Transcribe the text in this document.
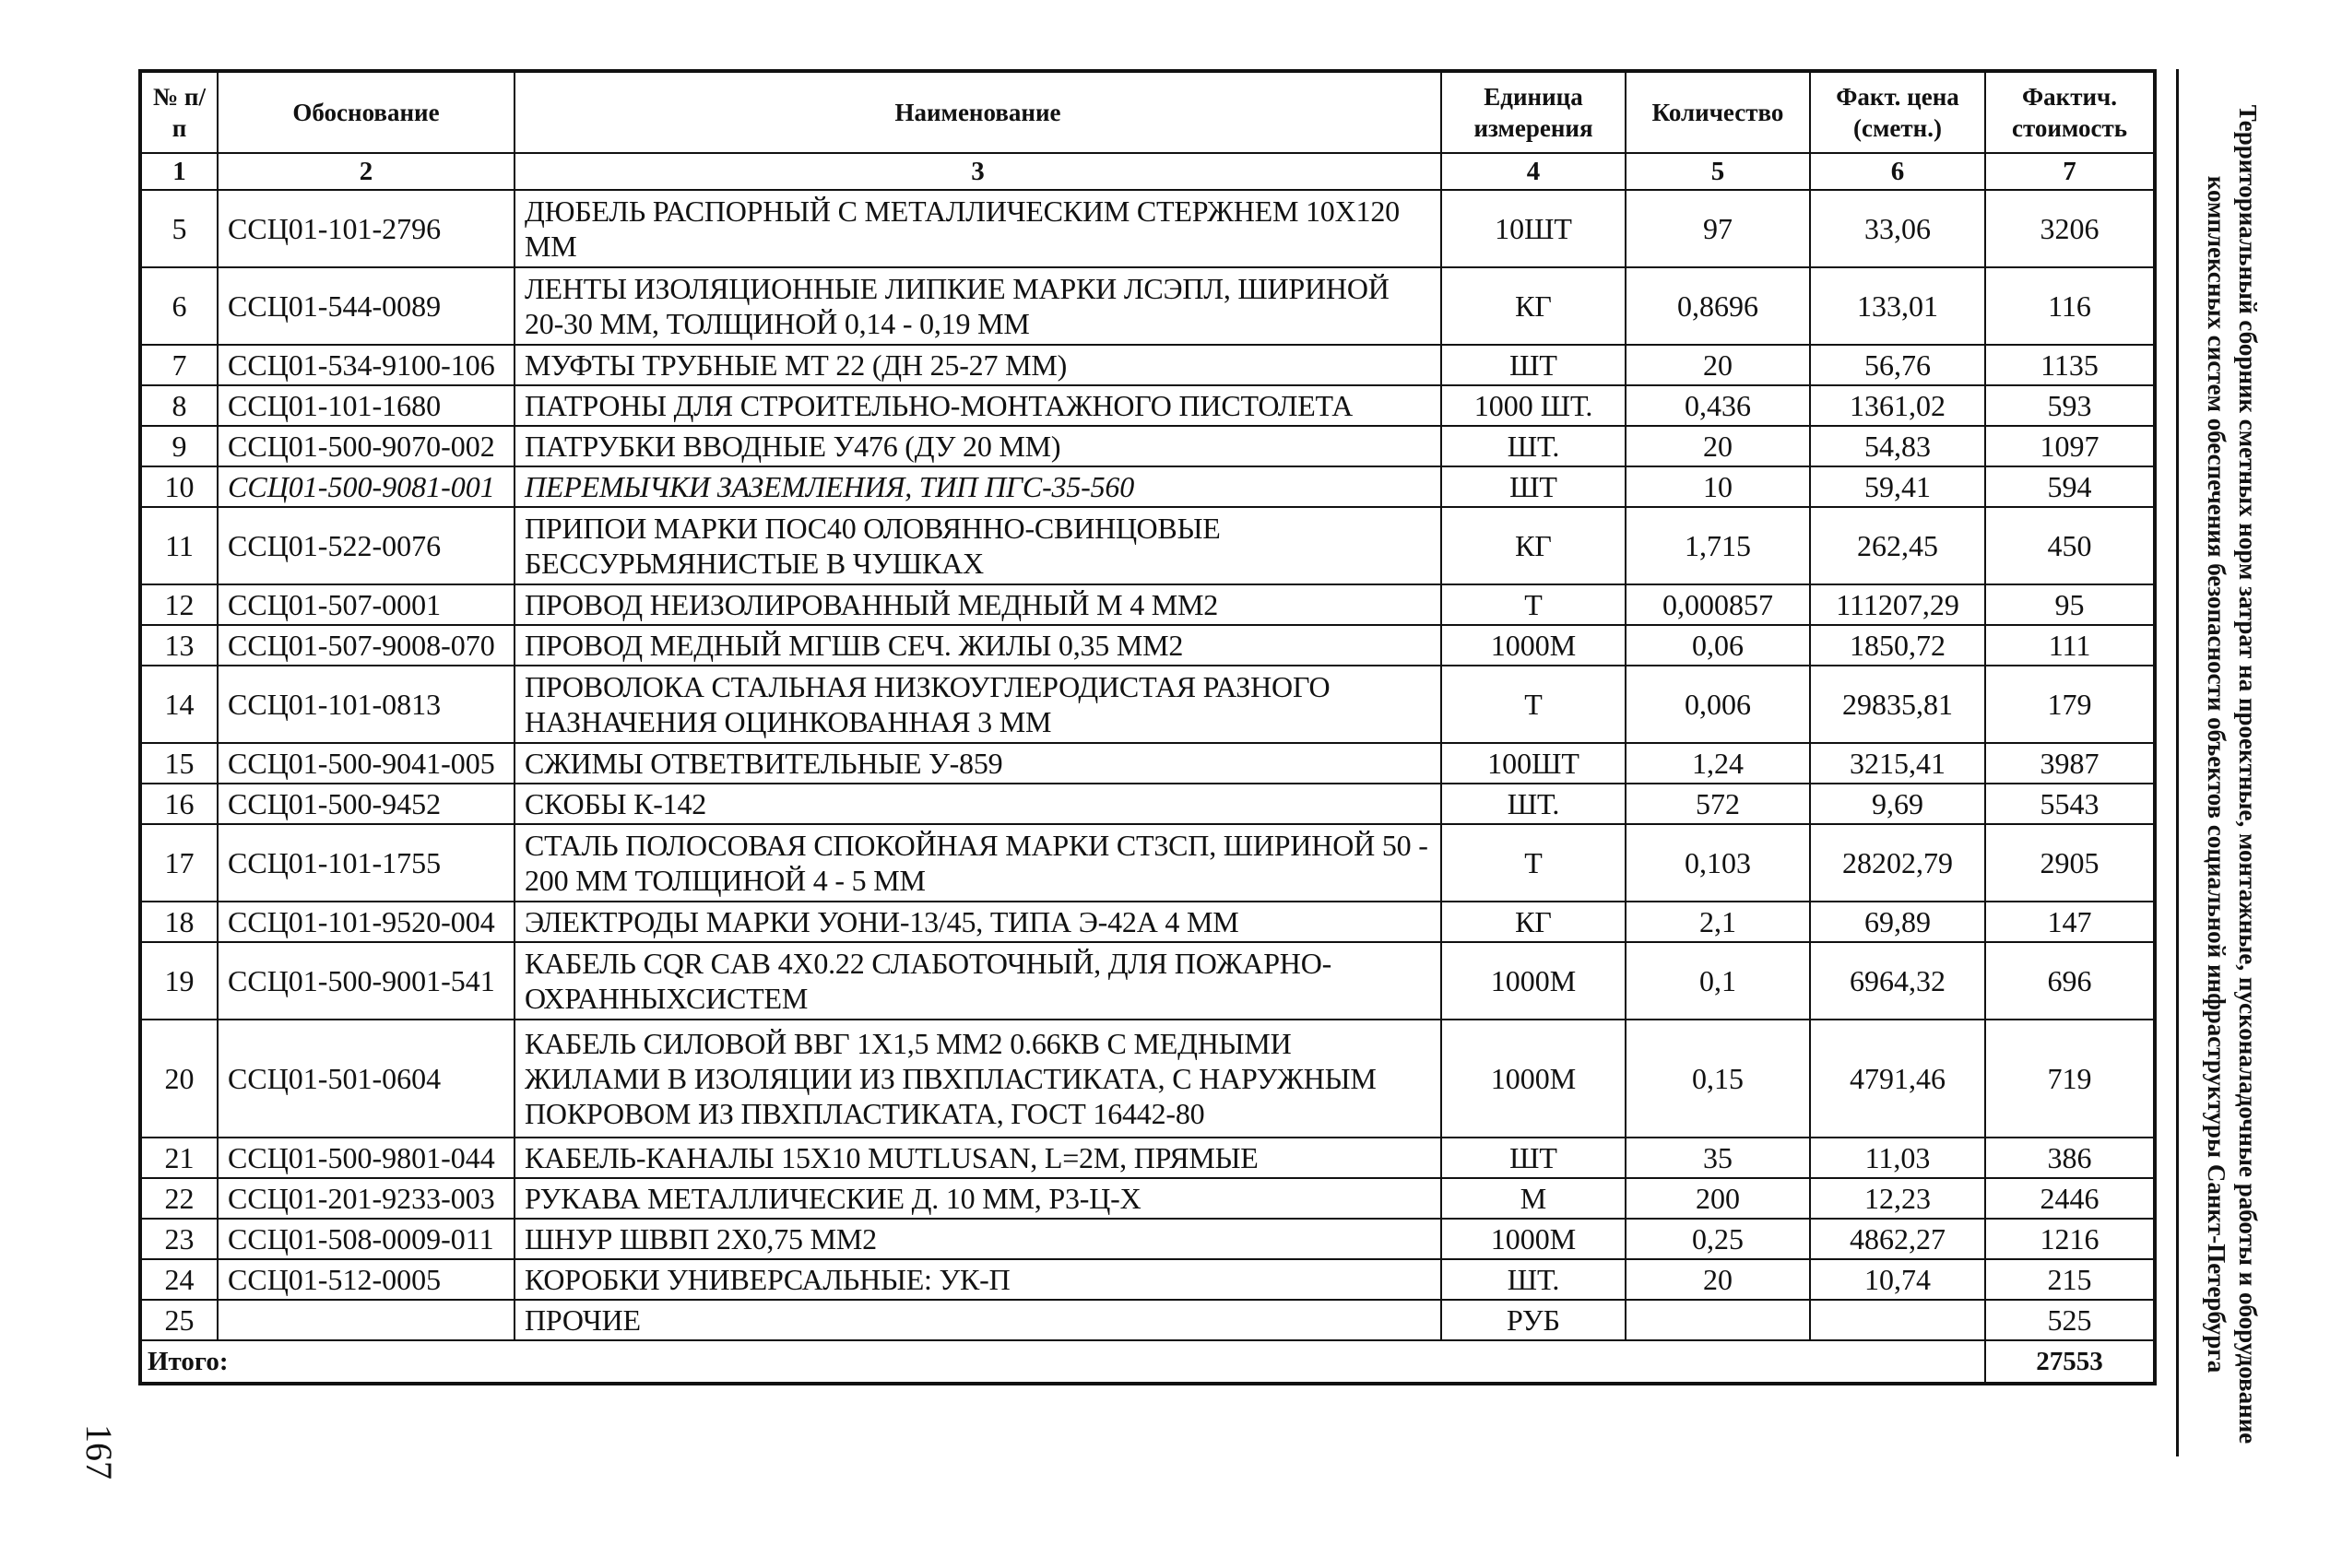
№ п/п	Обоснование	Наименование	Единица измерения	Количество	Факт. цена (сметн.)	Фактич. стоимость
1	2	3	4	5	6	7
5	ССЦ01-101-2796	ДЮБЕЛЬ РАСПОРНЫЙ С МЕТАЛЛИЧЕСКИМ СТЕРЖНЕМ 10Х120 ММ	10ШТ	97	33,06	3206
6	ССЦ01-544-0089	ЛЕНТЫ ИЗОЛЯЦИОННЫЕ ЛИПКИЕ МАРКИ ЛСЭПЛ, ШИРИНОЙ 20-30 ММ, ТОЛЩИНОЙ 0,14 - 0,19 ММ	КГ	0,8696	133,01	116
7	ССЦ01-534-9100-106	МУФТЫ ТРУБНЫЕ МТ 22 (ДН 25-27 ММ)	ШТ	20	56,76	1135
8	ССЦ01-101-1680	ПАТРОНЫ ДЛЯ СТРОИТЕЛЬНО-МОНТАЖНОГО ПИСТОЛЕТА	1000 ШТ.	0,436	1361,02	593
9	ССЦ01-500-9070-002	ПАТРУБКИ ВВОДНЫЕ У476 (ДУ 20 ММ)	ШТ.	20	54,83	1097
10	ССЦ01-500-9081-001	ПЕРЕМЫЧКИ ЗАЗЕМЛЕНИЯ, ТИП ПГС-35-560	ШТ	10	59,41	594
11	ССЦ01-522-0076	ПРИПОИ МАРКИ ПОС40 ОЛОВЯННО-СВИНЦОВЫЕ БЕССУРЬМЯНИСТЫЕ В ЧУШКАХ	КГ	1,715	262,45	450
12	ССЦ01-507-0001	ПРОВОД НЕИЗОЛИРОВАННЫЙ МЕДНЫЙ М 4 ММ2	Т	0,000857	111207,29	95
13	ССЦ01-507-9008-070	ПРОВОД МЕДНЫЙ МГШВ СЕЧ. ЖИЛЫ 0,35 ММ2	1000М	0,06	1850,72	111
14	ССЦ01-101-0813	ПРОВОЛОКА СТАЛЬНАЯ НИЗКОУГЛЕРОДИСТАЯ РАЗНОГО НАЗНАЧЕНИЯ ОЦИНКОВАННАЯ 3 ММ	Т	0,006	29835,81	179
15	ССЦ01-500-9041-005	СЖИМЫ ОТВЕТВИТЕЛЬНЫЕ У-859	100ШТ	1,24	3215,41	3987
16	ССЦ01-500-9452	СКОБЫ К-142	ШТ.	572	9,69	5543
17	ССЦ01-101-1755	СТАЛЬ ПОЛОСОВАЯ СПОКОЙНАЯ МАРКИ СТ3СП, ШИРИНОЙ 50 - 200 ММ ТОЛЩИНОЙ 4 - 5 ММ	Т	0,103	28202,79	2905
18	ССЦ01-101-9520-004	ЭЛЕКТРОДЫ МАРКИ УОНИ-13/45, ТИПА Э-42А 4 ММ	КГ	2,1	69,89	147
19	ССЦ01-500-9001-541	КАБЕЛЬ CQR CAB 4X0.22 СЛАБОТОЧНЫЙ, ДЛЯ ПОЖАРНО-ОХРАННЫХСИСТЕМ	1000М	0,1	6964,32	696
20	ССЦ01-501-0604	КАБЕЛЬ СИЛОВОЙ ВВГ 1Х1,5 ММ2 0.66КВ С МЕДНЫМИ ЖИЛАМИ В ИЗОЛЯЦИИ ИЗ ПВХПЛАСТИКАТА, С НАРУЖНЫМ ПОКРОВОМ ИЗ ПВХПЛАСТИКАТА, ГОСТ 16442-80	1000М	0,15	4791,46	719
21	ССЦ01-500-9801-044	КАБЕЛЬ-КАНАЛЫ 15Х10 MUTLUSAN, L=2M, ПРЯМЫЕ	ШТ	35	11,03	386
22	ССЦ01-201-9233-003	РУКАВА МЕТАЛЛИЧЕСКИЕ Д. 10 ММ, Р3-Ц-Х	М	200	12,23	2446
23	ССЦ01-508-0009-011	ШНУР ШВВП 2Х0,75 ММ2	1000М	0,25	4862,27	1216
24	ССЦ01-512-0005	КОРОБКИ УНИВЕРСАЛЬНЫЕ: УК-П	ШТ.	20	10,74	215
25		ПРОЧИЕ	РУБ			525
Итого:						27553
167
Территориальный сборник сметных норм затрат на проектные, монтажные, пусконаладочные работы и оборудование
комплексных систем обеспечения безопасности объектов социальной инфраструктуры Санкт-Петербурга
